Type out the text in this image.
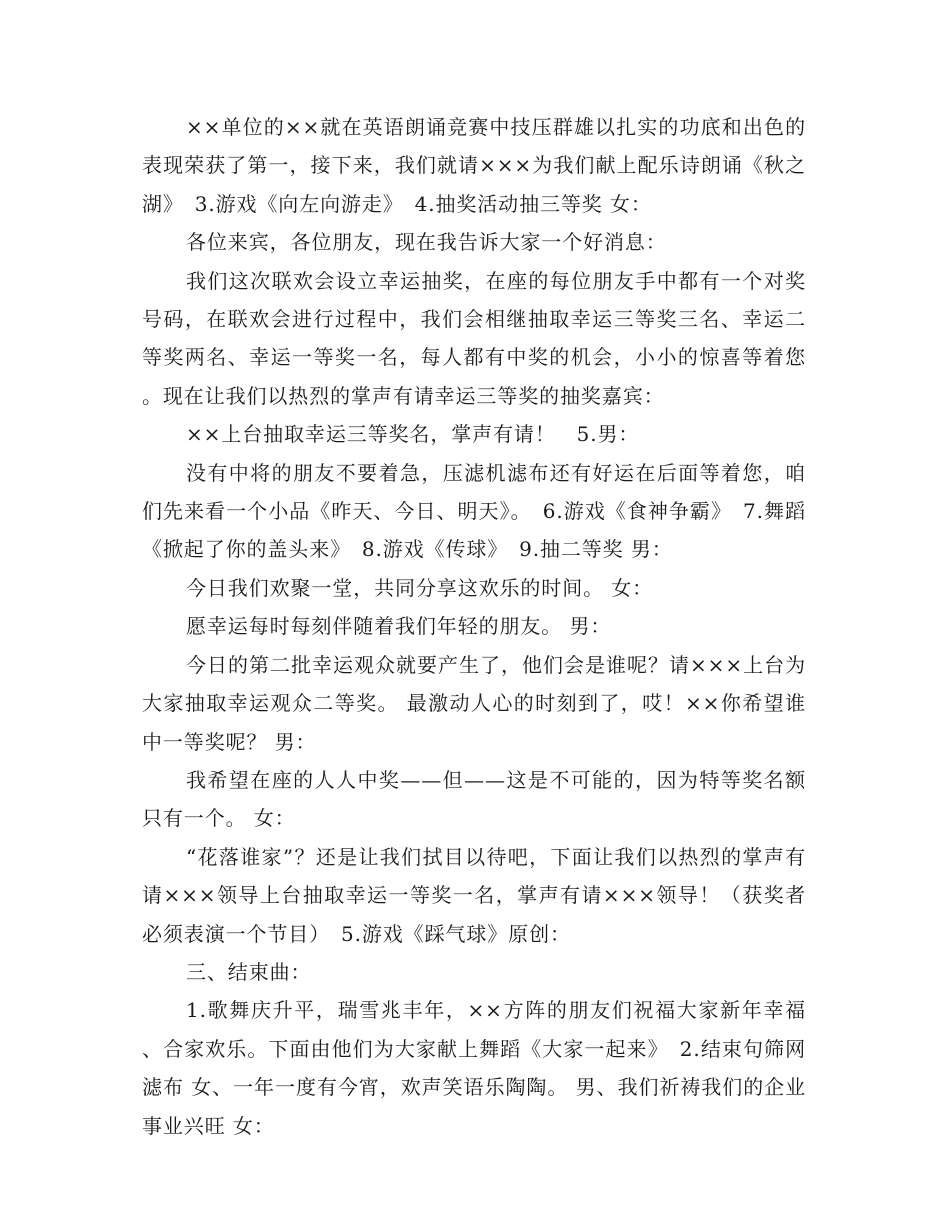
××单位的××就在英语朗诵竞赛中技压群雄以扎实的功底和出色的表现荣获了第一，接下来，我们就请×××为我们献上配乐诗朗诵《秋之湖》　3.游戏《向左向游走》　4.抽奖活动抽三等奖 女：

各位来宾，各位朋友，现在我告诉大家一个好消息：

我们这次联欢会设立幸运抽奖，在座的每位朋友手中都有一个对奖号码，在联欢会进行过程中，我们会相继抽取幸运三等奖三名、幸运二等奖两名、幸运一等奖一名，每人都有中奖的机会，小小的惊喜等着您。现在让我们以热烈的掌声有请幸运三等奖的抽奖嘉宾：

××上台抽取幸运三等奖名，掌声有请！　5.男：

没有中将的朋友不要着急，压滤机滤布还有好运在后面等着您，咱们先来看一个小品《昨天、今日、明天》。　6.游戏《食神争霸》　7.舞蹈《掀起了你的盖头来》　8.游戏《传球》　9.抽二等奖 男：

今日我们欢聚一堂，共同分享这欢乐的时间。 女：

愿幸运每时每刻伴随着我们年轻的朋友。 男：

今日的第二批幸运观众就要产生了，他们会是谁呢？请×××上台为大家抽取幸运观众二等奖。 最激动人心的时刻到了，哎！××你希望谁中一等奖呢？ 男：

我希望在座的人人中奖——但——这是不可能的，因为特等奖名额只有一个。 女：

“花落谁家”？还是让我们拭目以待吧，下面让我们以热烈的掌声有请×××领导上台抽取幸运一等奖一名，掌声有请×××领导！（获奖者必须表演一个节目）　5.游戏《踩气球》原创：

三、结束曲：

1.歌舞庆升平，瑞雪兆丰年，××方阵的朋友们祝福大家新年幸福、合家欢乐。下面由他们为大家献上舞蹈《大家一起来》　2.结束句筛网滤布 女、一年一度有今宵，欢声笑语乐陶陶。 男、我们祈祷我们的企业事业兴旺 女：
